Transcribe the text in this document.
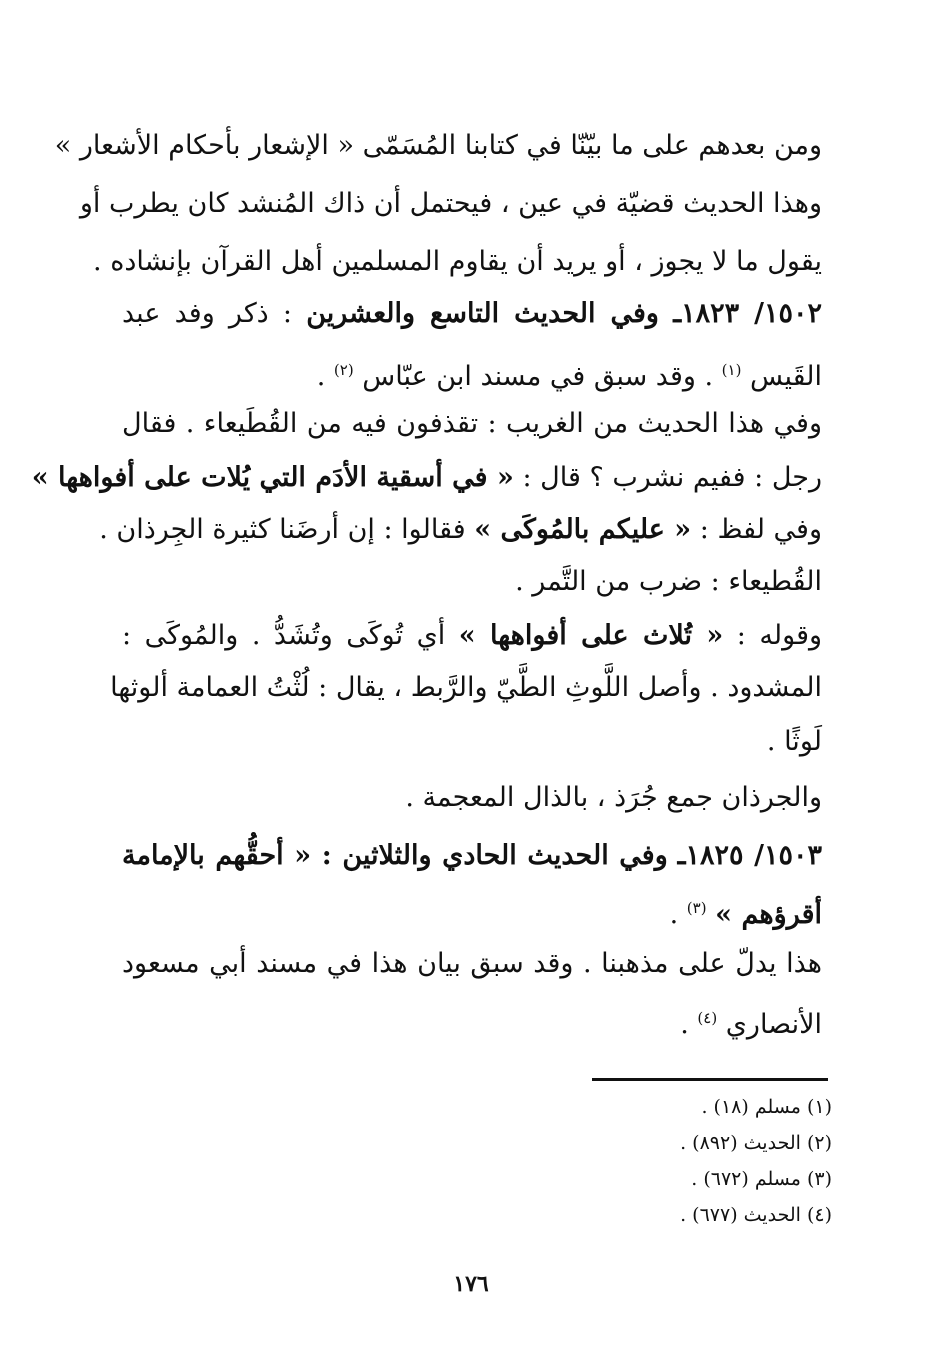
ومن بعدهم على ما بيّنّا في كتابنا المُسَمّى « الإشعار بأحكام الأشعار »
وهذا الحديث قضيّة في عين ، فيحتمل أن ذاك المُنشد كان يطرب أو
يقول ما لا يجوز ، أو يريد أن يقاوم المسلمين أهل القرآن بإنشاده .
١٥٠٢/ ١٨٢٣ـ وفي الحديث التاسع والعشرين : ذكر وفد عبد
القَيس $^{(١)}$ . وقد سبق في مسند ابن عبّاس $^{(٢)}$ .
وفي هذا الحديث من الغريب : تقذفون فيه من القُطَيعاء . فقال
رجل : ففيم نشرب ؟ قال : « في أسقية الأدَم التي يُلات على أفواهها »
وفي لفظ : « عليكم بالمُوكَى » فقالوا : إن أرضَنا كثيرة الجِرذان .
القُطيعاء : ضرب من التَّمر .
وقوله : « تُلاث على أفواهها » أي تُوكَى وتُشَدُّ . والمُوكَى :
المشدود . وأصل اللَّوثِ الطَّيّ والرَّبط ، يقال : لُثْتُ العمامة ألوثها
لَوثًا .
والجرذان جمع جُرَذ ، بالذال المعجمة .
١٥٠٣/ ١٨٢٥ـ وفي الحديث الحادي والثلاثين : « أحقُّهم بالإمامة
أقرؤهم » $^{(٣)}$ .
هذا يدلّ على مذهبنا . وقد سبق بيان هذا في مسند أبي مسعود
الأنصاري $^{(٤)}$ .
(١) مسلم (١٨) .
(٢) الحديث (٨٩٢) .
(٣) مسلم (٦٧٢) .
(٤) الحديث (٦٧٧) .
١٧٦
